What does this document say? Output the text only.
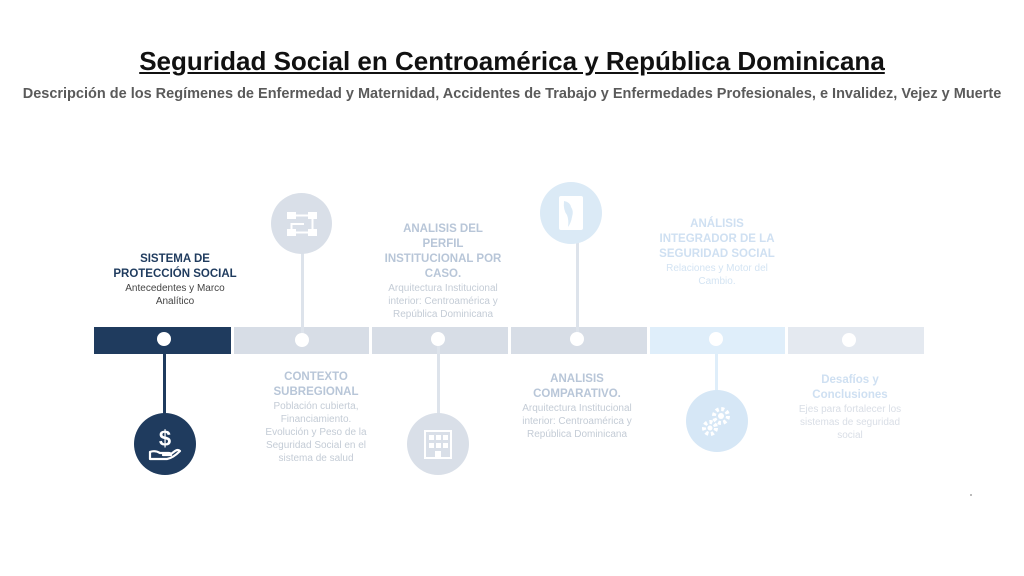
Seguridad Social en Centroamérica y República Dominicana
Descripción de los Regímenes de Enfermedad y Maternidad, Accidentes de Trabajo y Enfermedades Profesionales, e Invalidez, Vejez y Muerte
$
SISTEMA DE PROTECCIÓN SOCIAL
Antecedentes y Marco Analítico
CONTEXTO SUBREGIONAL
Población cubierta, Financiamiento. Evolución y Peso de la Seguridad Social en el sistema de salud
ANALISIS DEL PERFIL INSTITUCIONAL POR CASO.
Arquitectura Institucional interior: Centroamérica y República Dominicana
ANALISIS COMPARATIVO.
Arquitectura Institucional interior: Centroamérica y República Dominicana
ANÁLISIS INTEGRADOR DE LA SEGURIDAD SOCIAL
Relaciones y Motor del Cambio.
Desafíos y Conclusiones
Ejes para fortalecer los sistemas de seguridad social
